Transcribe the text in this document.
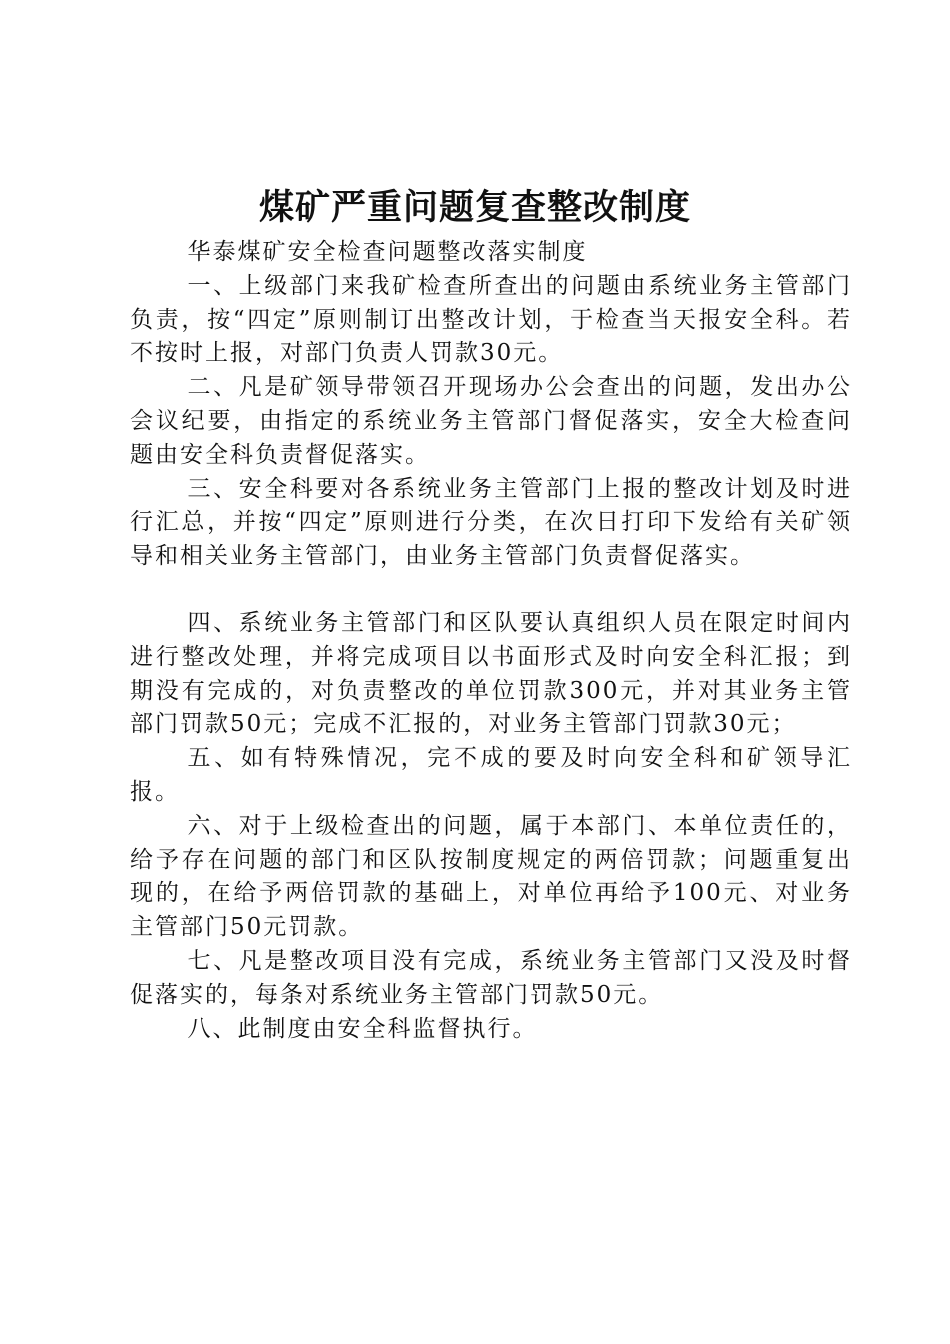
煤矿严重问题复查整改制度

华泰煤矿安全检查问题整改落实制度

一、上级部门来我矿检查所查出的问题由系统业务主管部门负责，按“四定”原则制订出整改计划，于检查当天报安全科。若不按时上报，对部门负责人罚款30元。

二、凡是矿领导带领召开现场办公会查出的问题，发出办公会议纪要，由指定的系统业务主管部门督促落实，安全大检查问题由安全科负责督促落实。

三、安全科要对各系统业务主管部门上报的整改计划及时进行汇总，并按“四定”原则进行分类，在次日打印下发给有关矿领导和相关业务主管部门，由业务主管部门负责督促落实。

四、系统业务主管部门和区队要认真组织人员在限定时间内进行整改处理，并将完成项目以书面形式及时向安全科汇报；到期没有完成的，对负责整改的单位罚款300元，并对其业务主管部门罚款50元；完成不汇报的，对业务主管部门罚款30元；

五、如有特殊情况，完不成的要及时向安全科和矿领导汇报。

六、对于上级检查出的问题，属于本部门、本单位责任的，给予存在问题的部门和区队按制度规定的两倍罚款；问题重复出现的，在给予两倍罚款的基础上，对单位再给予100元、对业务主管部门50元罚款。

七、凡是整改项目没有完成，系统业务主管部门又没及时督促落实的，每条对系统业务主管部门罚款50元。

八、此制度由安全科监督执行。
